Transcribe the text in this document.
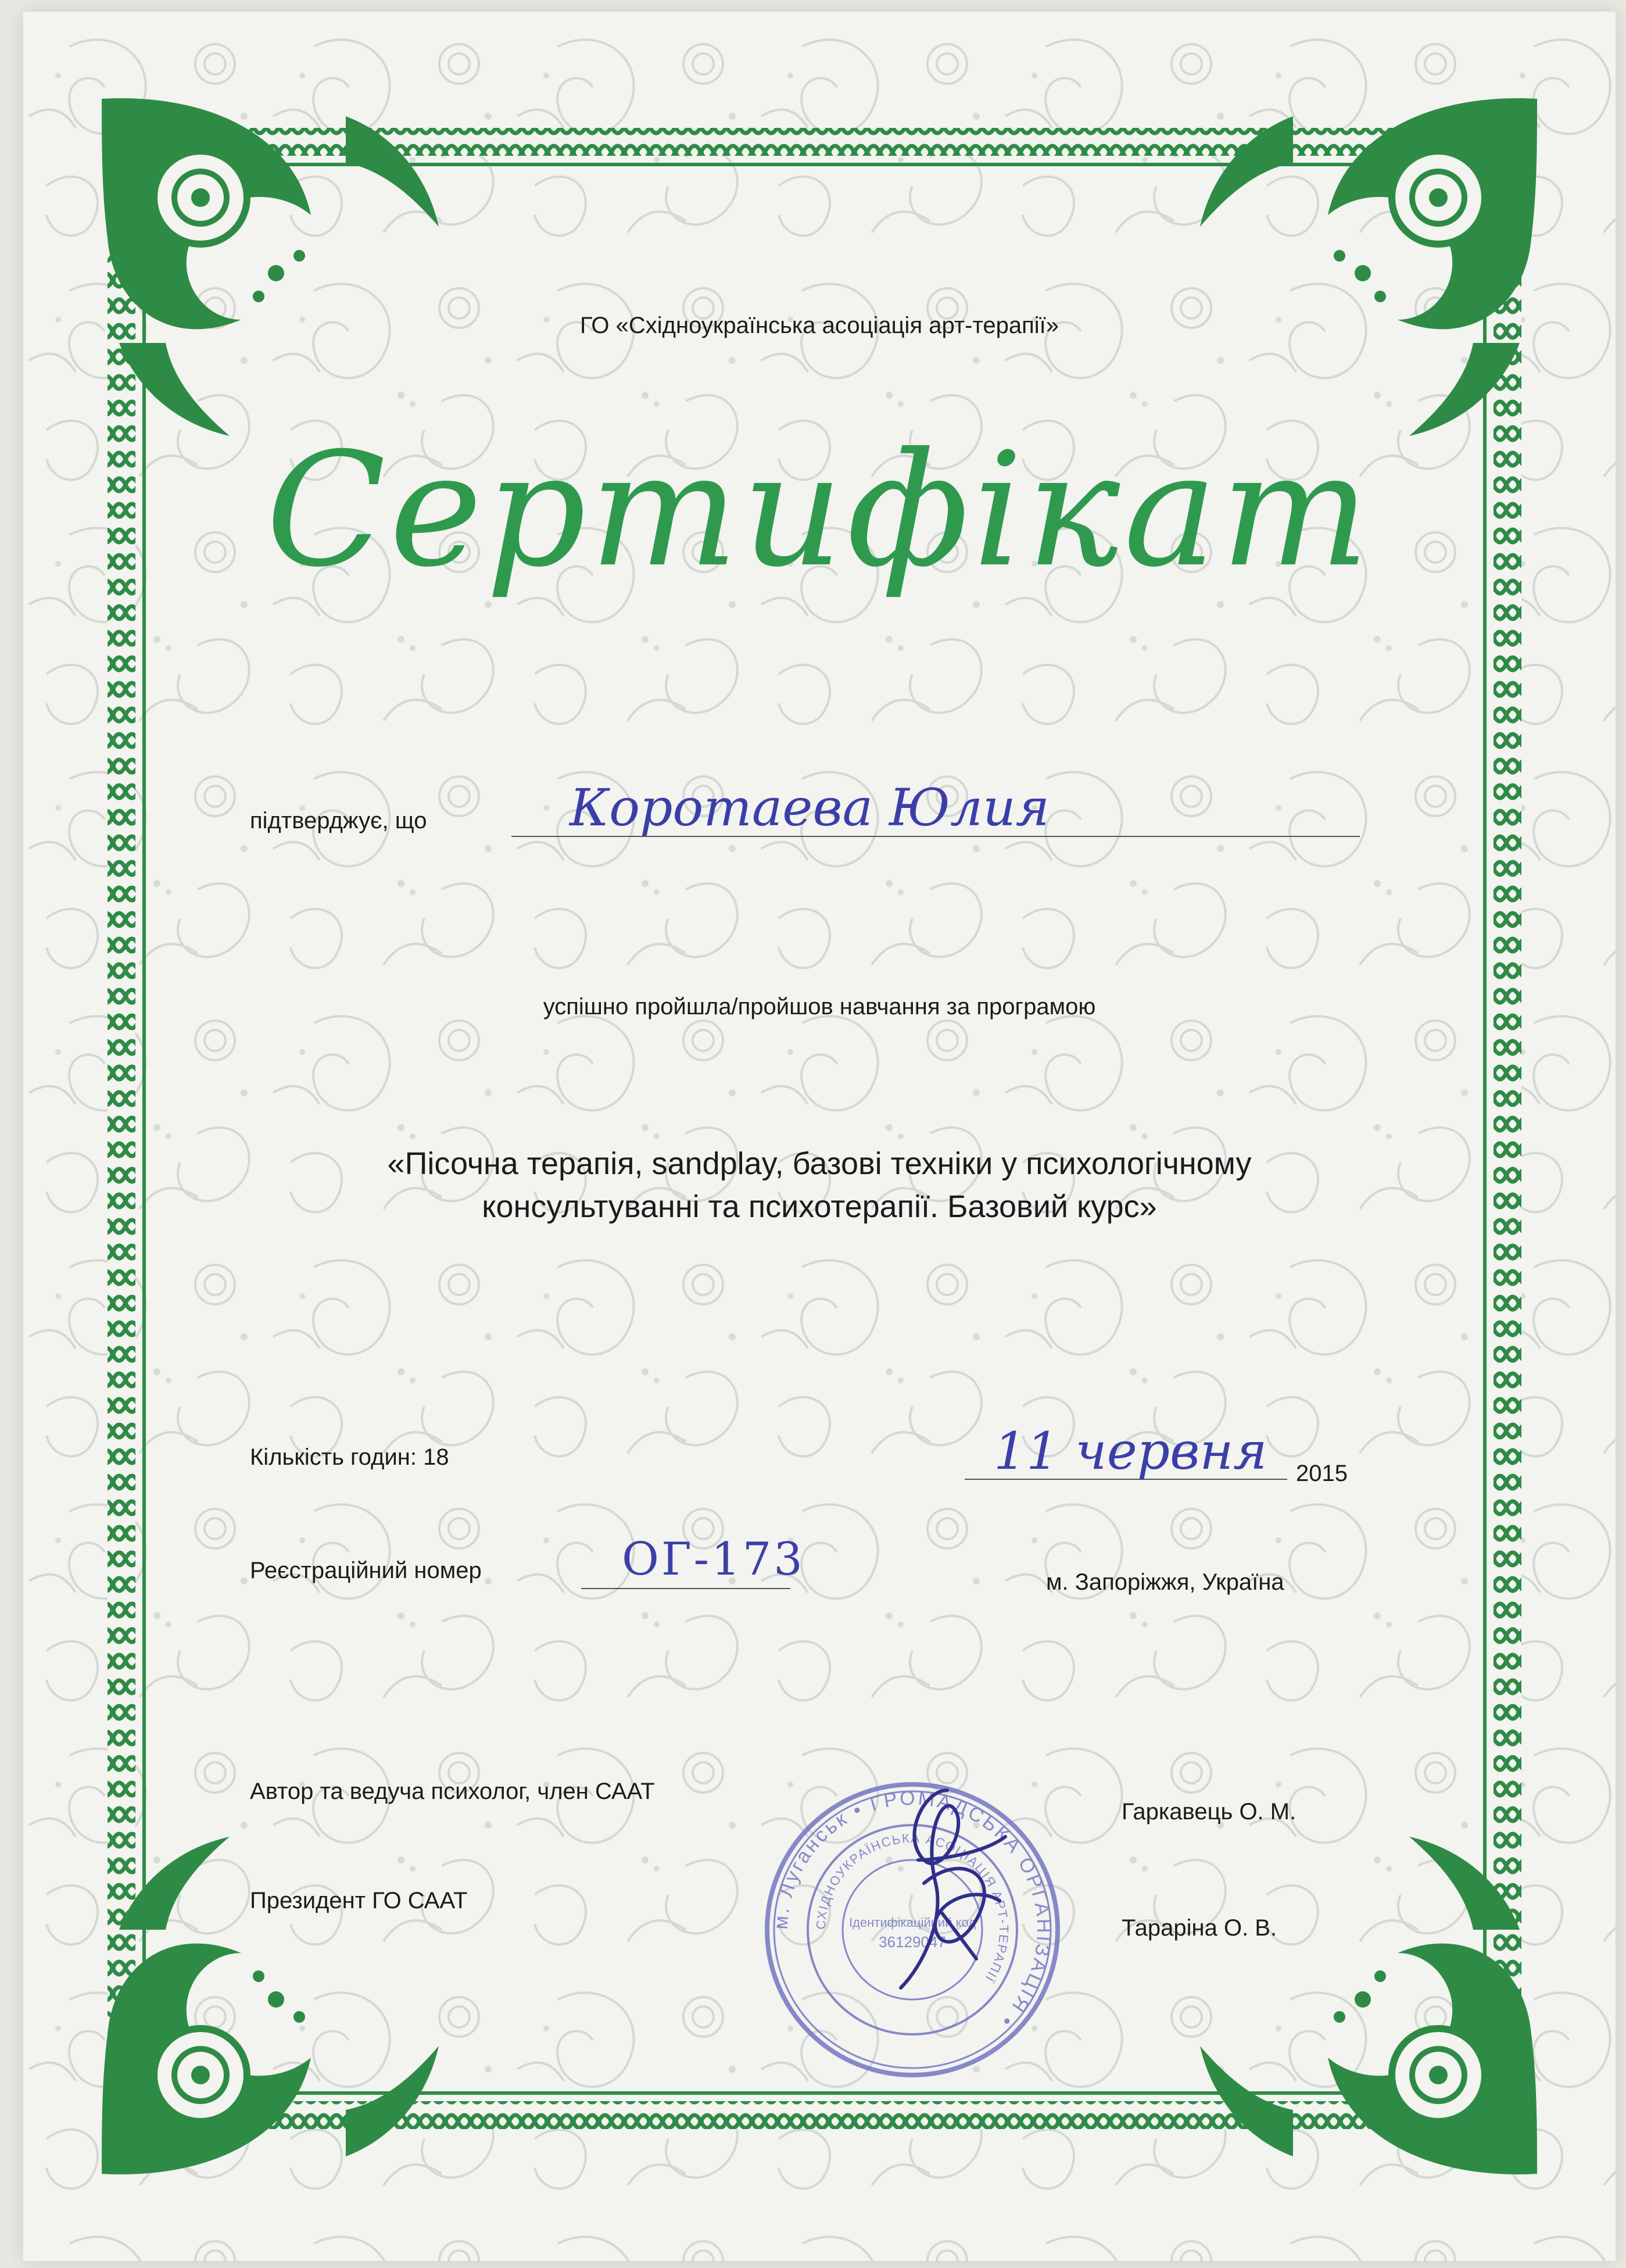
ГО «Східноукраїнська асоціація арт-терапії»
Сертифікат
підтверджує, що	Коротаева Юлия
успішно пройшла/пройшов навчання за програмою
«Пісочна терапія, sandplay, базові техніки у психологічному
консультуванні та психотерапії. Базовий курс»
Кількість годин: 18	11 червня 2015
Реєстраційний номер	ОГ-173	м. Запоріжжя, Україна
Автор та ведуча психолог, член СААТ
Гаркавець О. М.
Президент ГО СААТ
Таpаріна О. В.
м. Луганськ • ГРОМАДСЬКА ОРГАНІЗАЦІЯ •
СХІДНОУКРАЇНСЬКА АСОЦІАЦІЯ АРТ-ТЕРАПІЇ
Ідентифікаційний код
36129047
